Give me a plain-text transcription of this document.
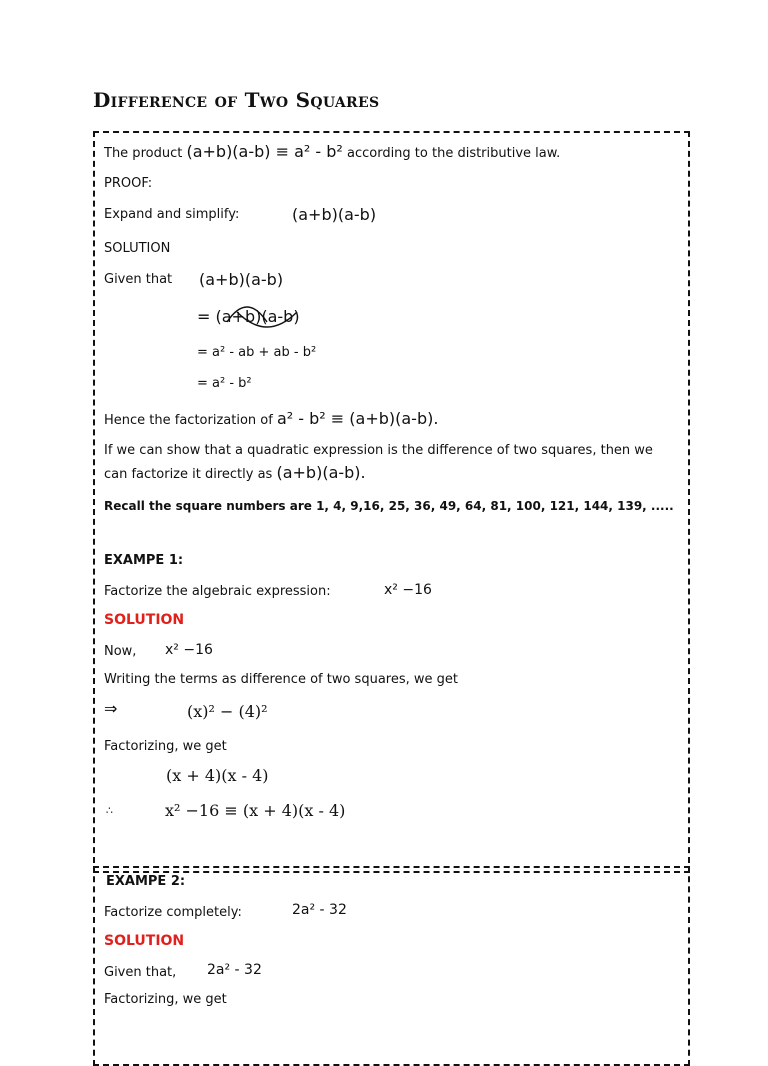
Difference of Two Squares
The product (a+b)(a-b) ≡ a² - b² according to the distributive law.
PROOF:
Expand and simplify:	(a+b)(a-b)
SOLUTION
Given that (a+b)(a-b)
= (a+b)(a-b)
= a² - ab + ab - b²
= a² - b²
Hence the factorization of a² - b² ≡ (a+b)(a-b).
If we can show that a quadratic expression is the difference of two squares, then we
can factorize it directly as (a+b)(a-b).
Recall the square numbers are 1, 4, 9,16, 25, 36, 49, 64, 81, 100, 121, 144, 139, .....
EXAMPE 1:
Factorize the algebraic expression:	x² −16
SOLUTION
Now, x² −16
Writing the terms as difference of two squares, we get
⇒	(x)² − (4)²
Factorizing, we get
(x + 4)(x - 4)
∴	x² −16 ≡ (x + 4)(x - 4)
EXAMPE 2:
Factorize completely:	2a² - 32
SOLUTION
Given that, 2a² - 32
Factorizing, we get
